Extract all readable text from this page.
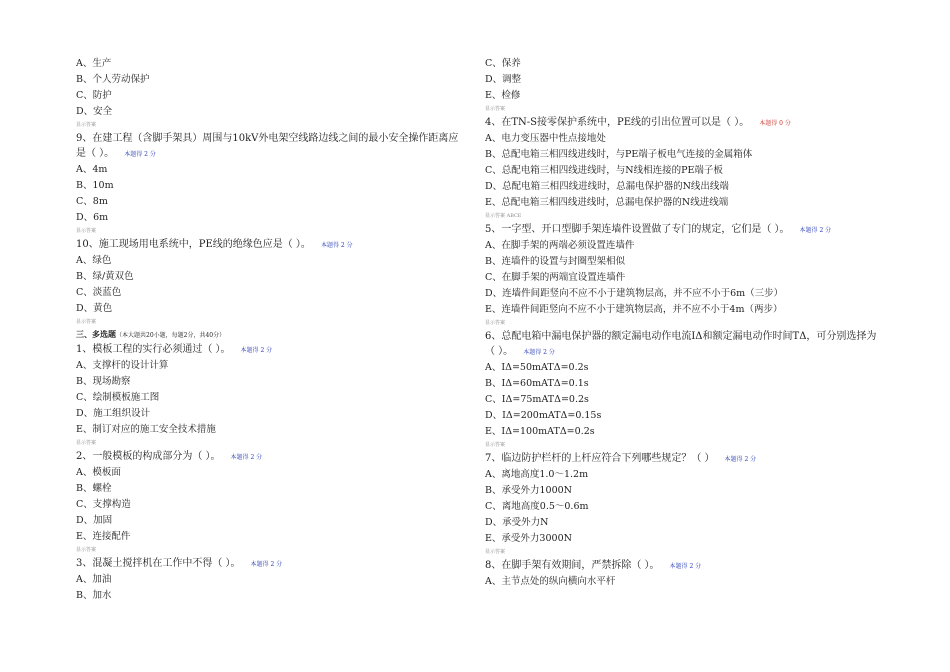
A、生产
B、个人劳动保护
C、防护
D、安全
显示答案
9、在建工程（含脚手架具）周围与10kV外电架空线路边线之间的最小安全操作距离应是（ ）。 本题得 2 分
A、4m
B、10m
C、8m
D、6m
显示答案
10、施工现场用电系统中，PE线的绝缘色应是（ ）。 本题得 2 分
A、绿色
B、绿/黄双色
C、淡蓝色
D、黄色
显示答案
三、多选题（本大题共20小题，每题2分，共40分）
1、模板工程的实行必须通过（ ）。 本题得 2 分
A、支撑杆的设计计算
B、现场勘察
C、绘制模板施工图
D、施工组织设计
E、制订对应的施工安全技术措施
显示答案
2、一般模板的构成部分为（ ）。 本题得 2 分
A、模板面
B、螺栓
C、支撑构造
D、加固
E、连接配件
显示答案
3、混凝土搅拌机在工作中不得（ ）。 本题得 2 分
A、加油
B、加水
C、保养
D、调整
E、检修
显示答案
4、在TN-S接零保护系统中，PE线的引出位置可以是（ ）。 本题得 0 分
A、电力变压器中性点接地处
B、总配电箱三相四线进线时，与PE端子板电气连接的金属箱体
C、总配电箱三相四线进线时，与N线相连接的PE端子板
D、总配电箱三相四线进线时，总漏电保护器的N线出线端
E、总配电箱三相四线进线时，总漏电保护器的N线进线端
显示答案 ABCE
5、一字型、开口型脚手架连墙件设置做了专门的规定，它们是（ ）。 本题得 2 分
A、在脚手架的两端必须设置连墙件
B、连墙件的设置与封圈型架相似
C、在脚手架的两端宜设置连墙件
D、连墙件间距竖向不应不小于建筑物层高，并不应不小于6m（三步）
E、连墙件间距竖向不应不小于建筑物层高，并不应不小于4m（两步）
显示答案
6、总配电箱中漏电保护器的额定漏电动作电流IΔ和额定漏电动作时间TΔ，可分别选择为（ ）。 本题得 2 分
A、IΔ=50mATΔ=0.2s
B、IΔ=60mATΔ=0.1s
C、IΔ=75mATΔ=0.2s
D、IΔ=200mATΔ=0.15s
E、IΔ=100mATΔ=0.2s
显示答案
7、临边防护栏杆的上杆应符合下列哪些规定？（ ） 本题得 2 分
A、离地高度1.0～1.2m
B、承受外力1000N
C、离地高度0.5～0.6m
D、承受外力N
E、承受外力3000N
显示答案
8、在脚手架有效期间，严禁拆除（ ）。 本题得 2 分
A、主节点处的纵向横向水平杆
